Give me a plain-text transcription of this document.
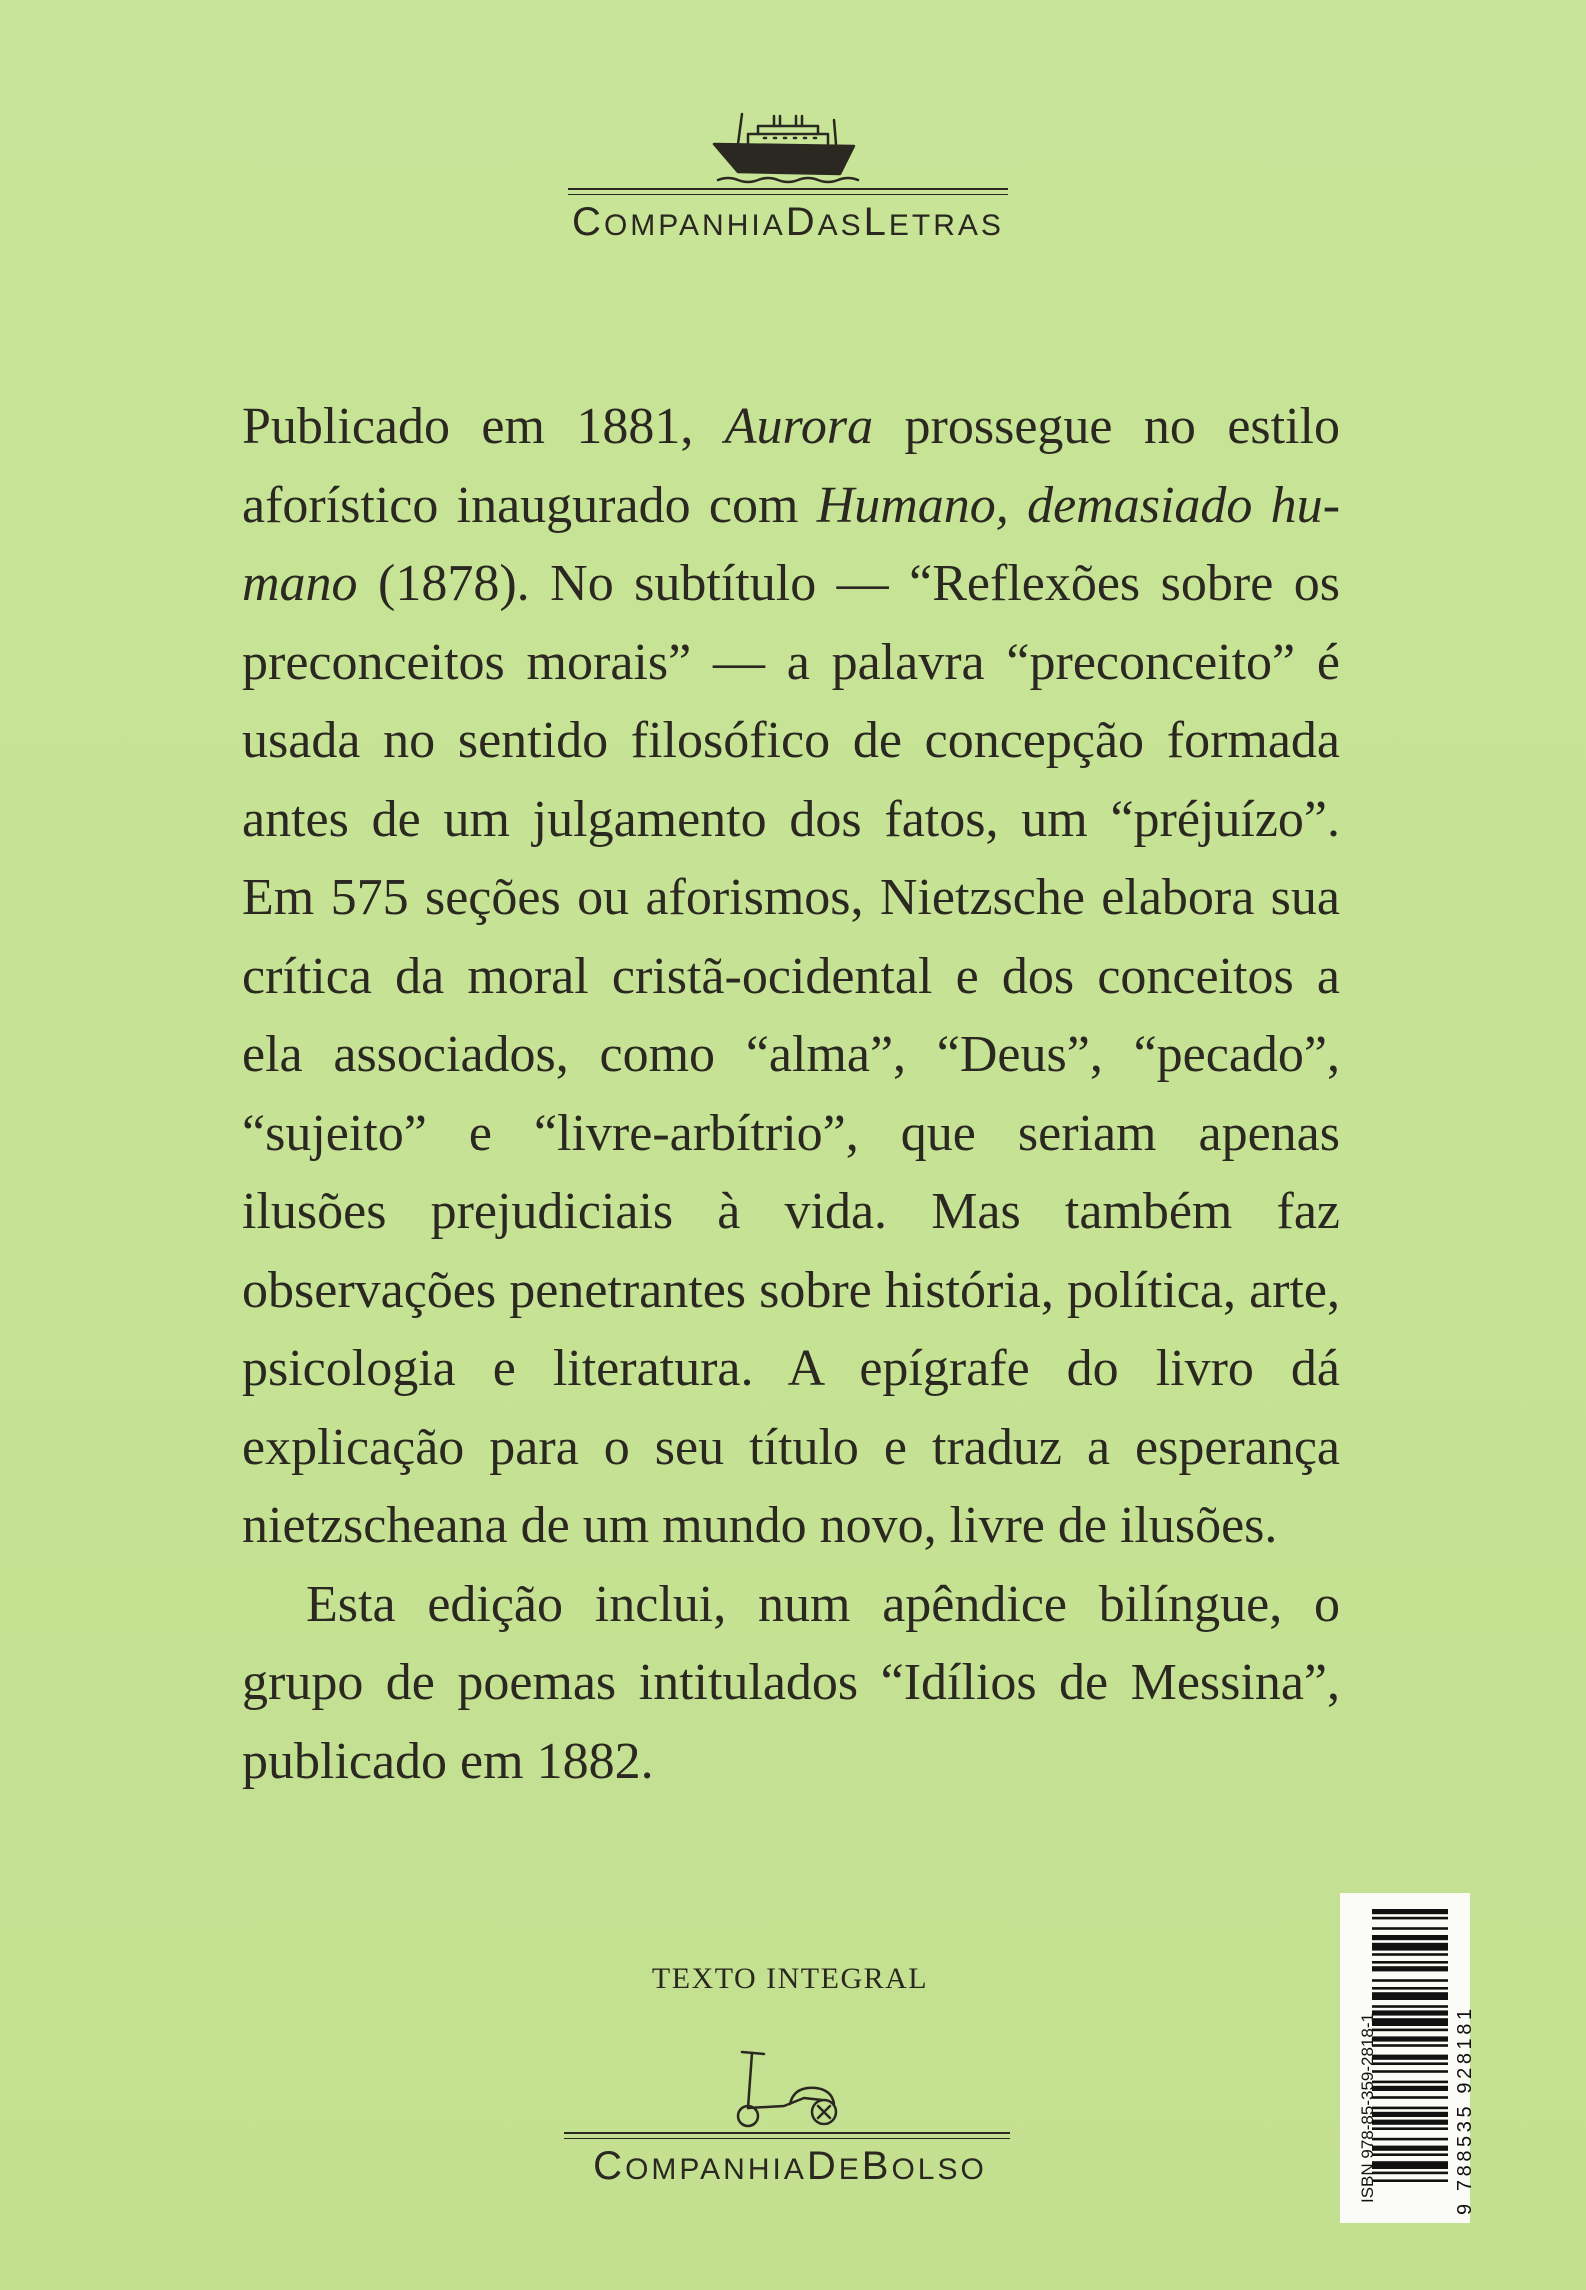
COMPANHIADASLETRAS

Publicado em 1881, Aurora prossegue no estilo aforístico inaugurado com Humano, demasiado humano (1878). No subtítulo — “Reflexões sobre os preconceitos morais” — a palavra “preconceito” é usada no sentido filosófico de concepção formada antes de um julgamento dos fatos, um “préjuízo”. Em 575 seções ou aforismos, Nietzsche elabora sua crítica da moral cristã-ocidental e dos conceitos a ela associados, como “alma”, “Deus”, “pecado”, “sujeito” e “livre-arbítrio”, que seriam apenas ilusões prejudiciais à vida. Mas também faz observações penetrantes sobre história, política, arte, psicologia e literatura. A epígrafe do livro dá explicação para o seu título e traduz a esperança nietzscheana de um mundo novo, livre de ilusões.

Esta edição inclui, num apêndice bilíngue, o grupo de poemas intitulados “Idílios de Messina”, publicado em 1882.

TEXTO INTEGRAL
COMPANHIADEBOLSO	ISBN 978-85-359-2818-1	9 788535 928181
